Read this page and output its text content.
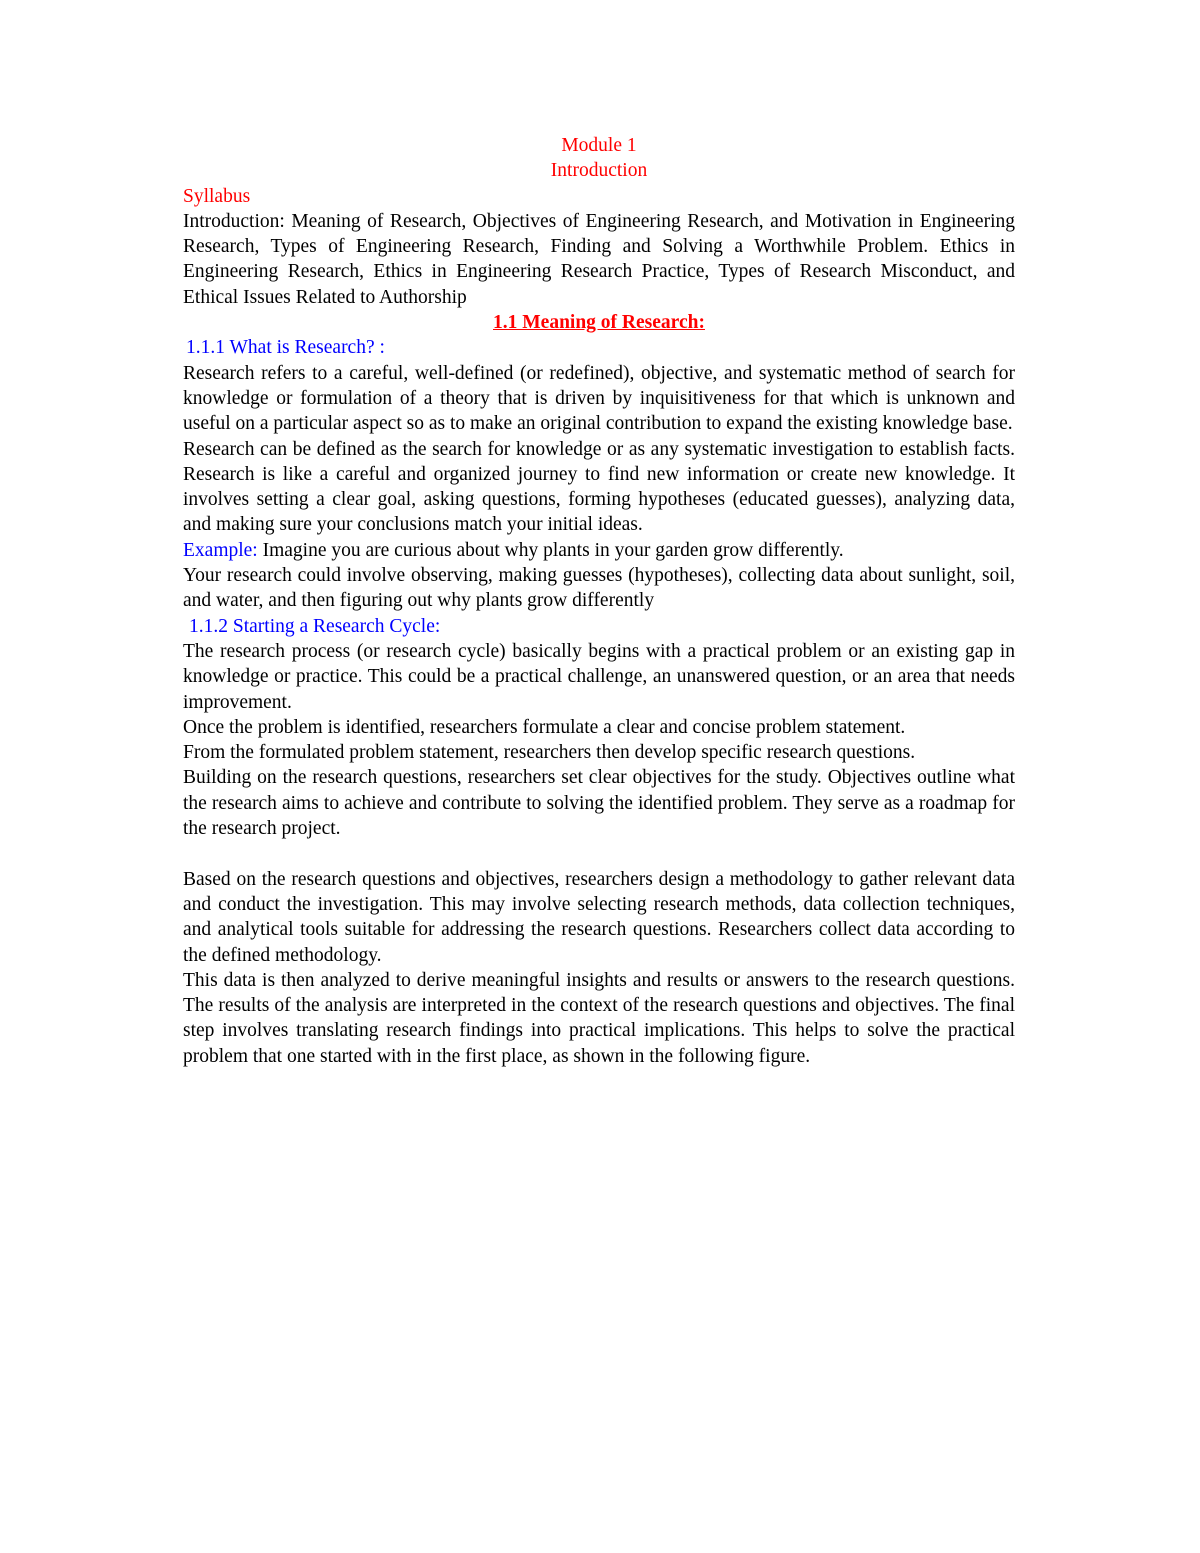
Module 1

Introduction

Syllabus

Introduction: Meaning of Research, Objectives of Engineering Research, and Motivation in Engineering Research, Types of Engineering Research, Finding and Solving a Worthwhile Problem. Ethics in Engineering Research, Ethics in Engineering Research Practice, Types of Research Misconduct, and Ethical Issues Related to Authorship

1.1 Meaning of Research:

1.1.1 What is Research? :

Research refers to a careful, well-defined (or redefined), objective, and systematic method of search for knowledge or formulation of a theory that is driven by inquisitiveness for that which is unknown and useful on a particular aspect so as to make an original contribution to expand the existing knowledge base.

Research can be defined as the search for knowledge or as any systematic investigation to establish facts. Research is like a careful and organized journey to find new information or create new knowledge. It involves setting a clear goal, asking questions, forming hypotheses (educated guesses), analyzing data, and making sure your conclusions match your initial ideas.

Example: Imagine you are curious about why plants in your garden grow differently.

Your research could involve observing, making guesses (hypotheses), collecting data about sunlight, soil, and water, and then figuring out why plants grow differently

1.1.2 Starting a Research Cycle:

The research process (or research cycle) basically begins with a practical problem or an existing gap in knowledge or practice. This could be a practical challenge, an unanswered question, or an area that needs improvement.

Once the problem is identified, researchers formulate a clear and concise problem statement.

From the formulated problem statement, researchers then develop specific research questions.

Building on the research questions, researchers set clear objectives for the study. Objectives outline what the research aims to achieve and contribute to solving the identified problem. They serve as a roadmap for the research project.

Based on the research questions and objectives, researchers design a methodology to gather relevant data and conduct the investigation. This may involve selecting research methods, data collection techniques, and analytical tools suitable for addressing the research questions. Researchers collect data according to the defined methodology.

This data is then analyzed to derive meaningful insights and results or answers to the research questions. The results of the analysis are interpreted in the context of the research questions and objectives. The final step involves translating research findings into practical implications. This helps to solve the practical problem that one started with in the first place, as shown in the following figure.
